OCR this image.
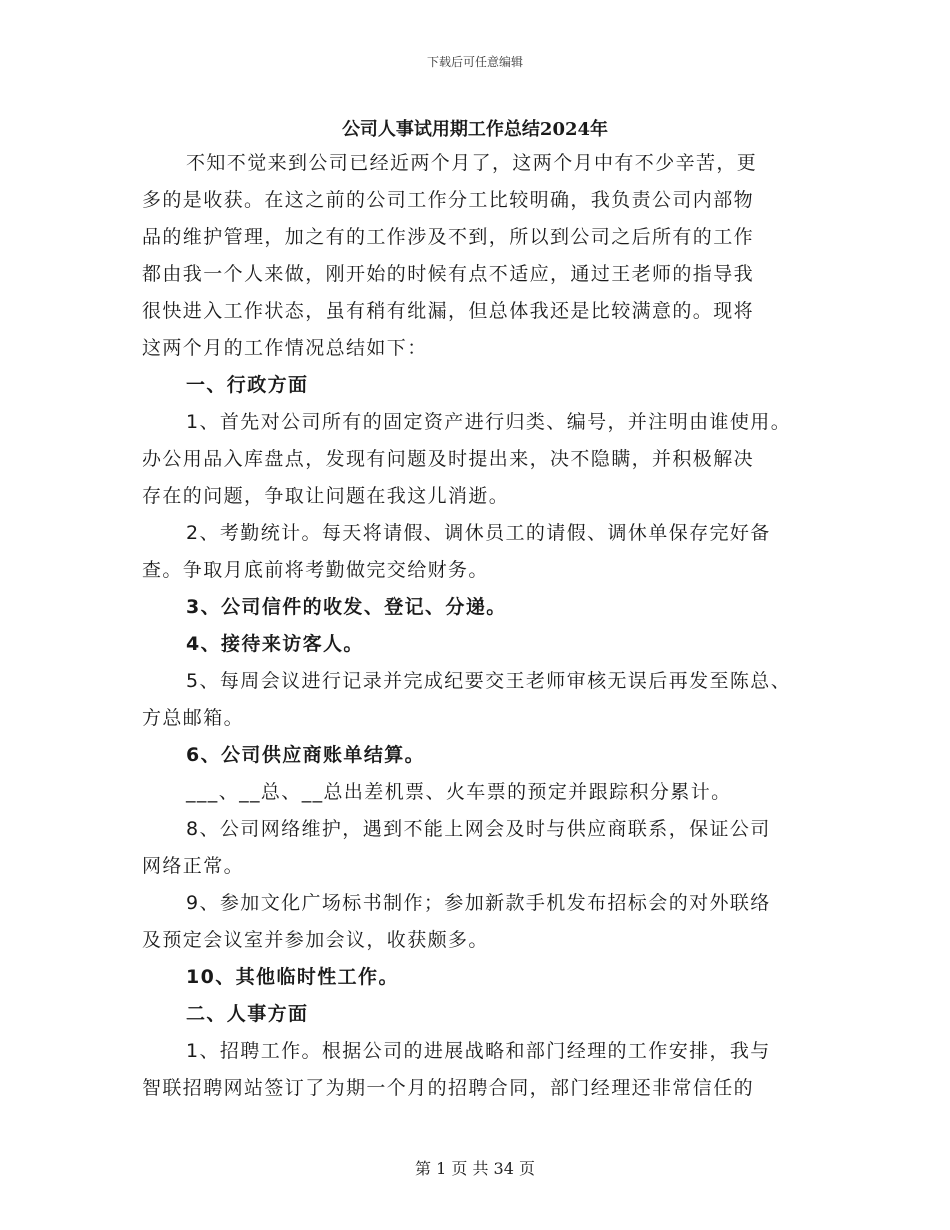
下载后可任意编辑
公司人事试用期工作总结2024年
不知不觉来到公司已经近两个月了，这两个月中有不少辛苦，更
多的是收获。在这之前的公司工作分工比较明确，我负责公司内部物
品的维护管理，加之有的工作涉及不到，所以到公司之后所有的工作
都由我一个人来做，刚开始的时候有点不适应，通过王老师的指导我
很快进入工作状态，虽有稍有纰漏，但总体我还是比较满意的。现将
这两个月的工作情况总结如下：
一、行政方面
1、首先对公司所有的固定资产进行归类、编号，并注明由谁使用。
办公用品入库盘点，发现有问题及时提出来，决不隐瞒，并积极解决
存在的问题，争取让问题在我这儿消逝。
2、考勤统计。每天将请假、调休员工的请假、调休单保存完好备
查。争取月底前将考勤做完交给财务。
3、公司信件的收发、登记、分递。
4、接待来访客人。
5、每周会议进行记录并完成纪要交王老师审核无误后再发至陈总、
方总邮箱。
6、公司供应商账单结算。
___、__总、__总出差机票、火车票的预定并跟踪积分累计。
8、公司网络维护，遇到不能上网会及时与供应商联系，保证公司
网络正常。
9、参加文化广场标书制作；参加新款手机发布招标会的对外联络
及预定会议室并参加会议，收获颇多。
10、其他临时性工作。
二、人事方面
1、招聘工作。根据公司的进展战略和部门经理的工作安排，我与
智联招聘网站签订了为期一个月的招聘合同，部门经理还非常信任的
第 1 页 共 34 页
